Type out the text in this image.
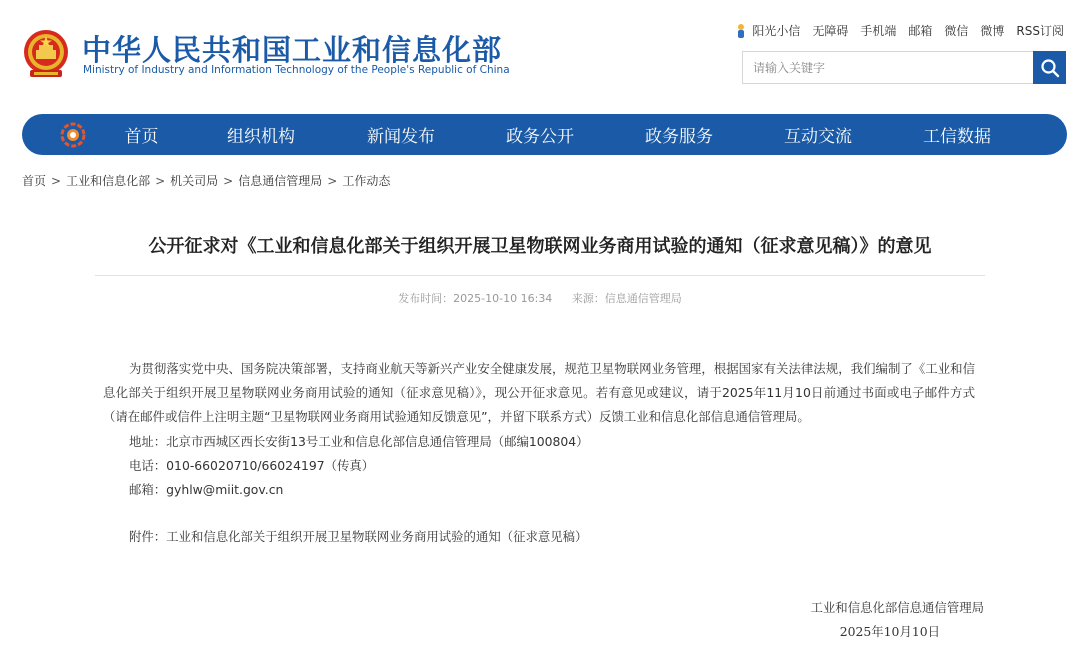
中华人民共和国工业和信息化部
Ministry of Industry and Information Technology of the People's Republic of China
阳光小信 无障碍 手机端 邮箱 微信 微博 RSS订阅
请输入关键字
首页	组织机构	新闻发布	政务公开	政务服务	互动交流	工信数据
首页 > 工业和信息化部 > 机关司局 > 信息通信管理局 > 工作动态
公开征求对《工业和信息化部关于组织开展卫星物联网业务商用试验的通知（征求意见稿）》的意见
发布时间：2025-10-10 16:34 来源：信息通信管理局

为贯彻落实党中央、国务院决策部署，支持商业航天等新兴产业安全健康发展，规范卫星物联网业务管理，根据国家有关法律法规，我们编制了《工业和信息化部关于组织开展卫星物联网业务商用试验的通知（征求意见稿）》，现公开征求意见。若有意见或建议，请于2025年11月10日前通过书面或电子邮件方式（请在邮件或信件上注明主题“卫星物联网业务商用试验通知反馈意见”，并留下联系方式）反馈工业和信息化部信息通信管理局。

地址：北京市西城区西长安街13号工业和信息化部信息通信管理局（邮编100804）
电话：010-66020710/66024197（传真）
邮箱：gyhlw@miit.gov.cn
附件：工业和信息化部关于组织开展卫星物联网业务商用试验的通知（征求意见稿）
工业和信息化部信息通信管理局
2025年10月10日
